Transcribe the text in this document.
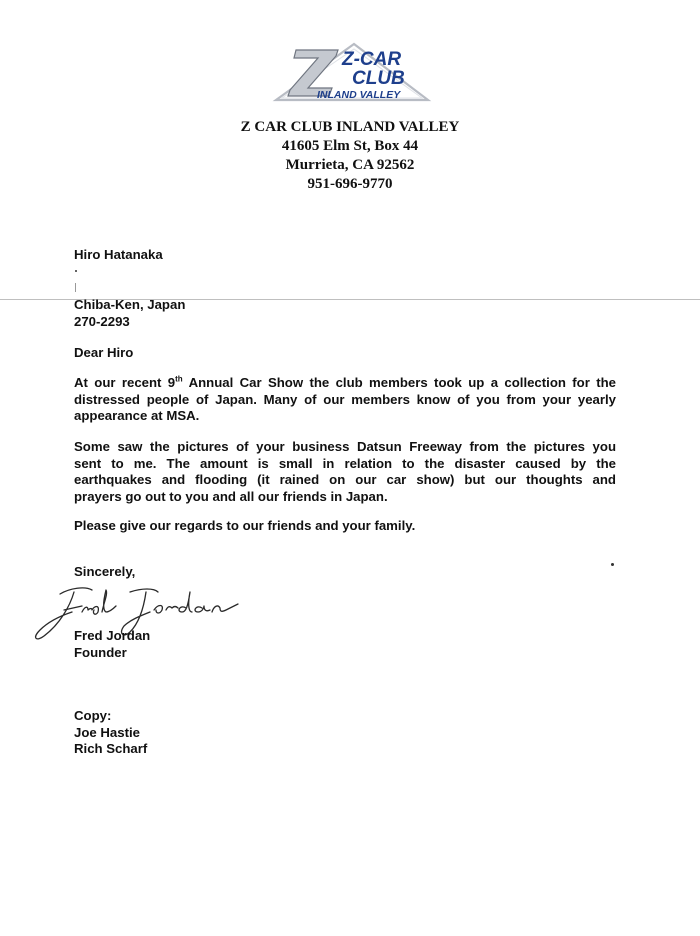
Z-CAR
CLUB
INLAND VALLEY
Z CAR CLUB INLAND VALLEY
41605 Elm St, Box 44
Murrieta, CA 92562
951-696-9770
Hiro Hatanaka
Chiba-Ken, Japan
270-2293
Dear Hiro
At our recent 9th Annual Car Show the club members took up a collection for the
distressed people of Japan. Many of our members know of you from your yearly
appearance at MSA.
Some saw the pictures of your business Datsun Freeway from the pictures you
sent to me. The amount is small in relation to the disaster caused by the
earthquakes and flooding (it rained on our car show) but our thoughts and
prayers go out to you and all our friends in Japan.
Please give our regards to our friends and your family.
Sincerely,
Fred Jordan
Fred Jordan
Founder
Copy:
Joe Hastie
Rich Scharf
